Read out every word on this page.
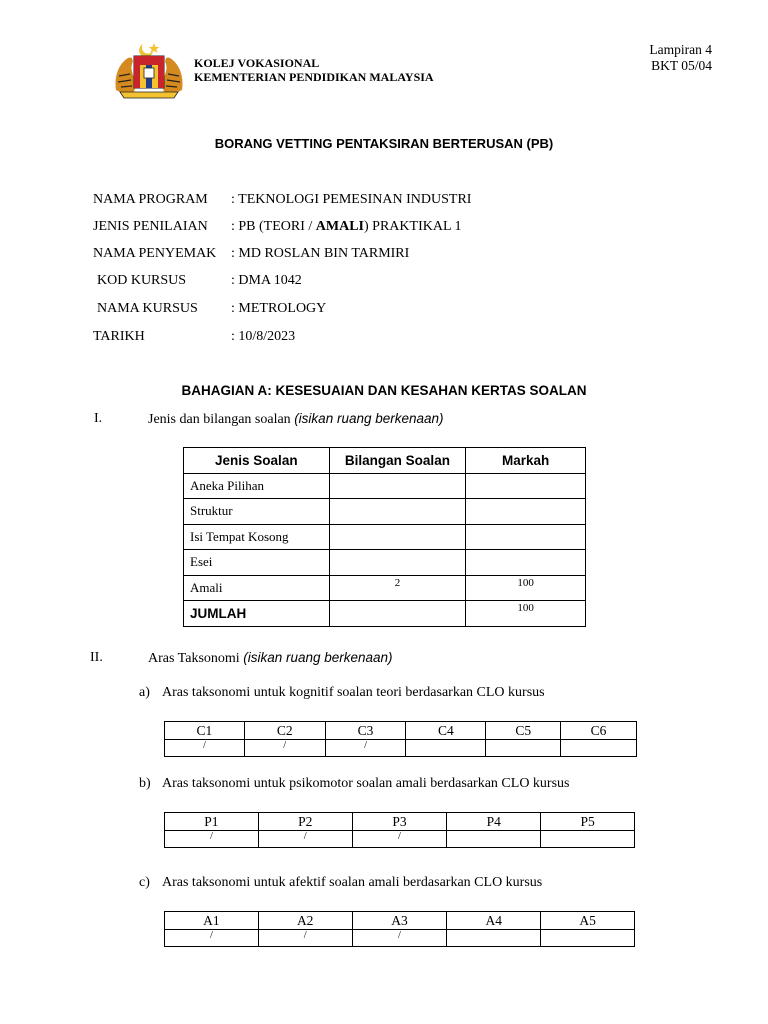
KOLEJ VOKASIONAL
KEMENTERIAN PENDIDIKAN MALAYSIA
Lampiran 4
BKT 05/04
BORANG VETTING PENTAKSIRAN BERTERUSAN (PB)
NAMA PROGRAM : TEKNOLOGI PEMESINAN INDUSTRI
JENIS PENILAIAN : PB (TEORI / AMALI) PRAKTIKAL 1
NAMA PENYEMAK : MD ROSLAN BIN TARMIRI
KOD KURSUS	: DMA 1042
NAMA KURSUS : METROLOGY
TARIKH	: 10/8/2023
BAHAGIAN A: KESESUAIAN DAN KESAHAN KERTAS SOALAN
I.	Jenis dan bilangan soalan (isikan ruang berkenaan)
Jenis Soalan	Bilangan Soalan	Markah
Aneka Pilihan		
Struktur		
Isi Tempat Kosong		
Esei		
Amali	2	100
JUMLAH		100
II.	Aras Taksonomi (isikan ruang berkenaan)
a) Aras taksonomi untuk kognitif soalan teori berdasarkan CLO kursus
C1	C2	C3	C4	C5	C6
/	/	/			
b) Aras taksonomi untuk psikomotor soalan amali berdasarkan CLO kursus
P1	P2	P3	P4	P5
/	/	/		
c) Aras taksonomi untuk afektif soalan amali berdasarkan CLO kursus
A1	A2	A3	A4	A5
/	/	/		
